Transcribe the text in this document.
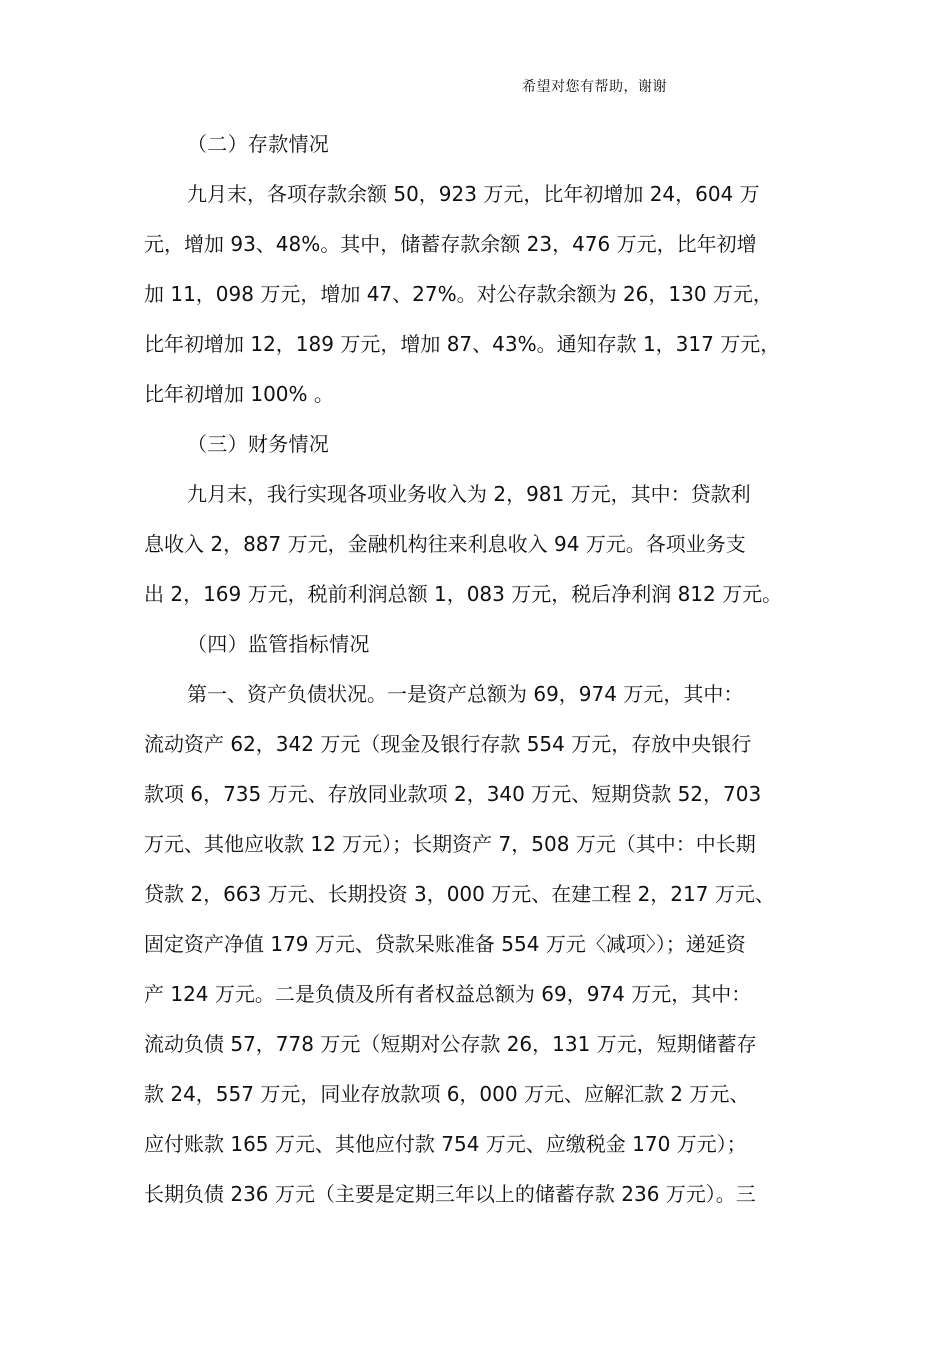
希望对您有帮助，谢谢
（二）存款情况
九月末，各项存款余额 50，923 万元，比年初增加 24，604 万
元，增加 93、48%。其中，储蓄存款余额 23，476 万元，比年初增
加 11，098 万元，增加 47、27%。对公存款余额为 26，130 万元，
比年初增加 12，189 万元，增加 87、43%。通知存款 1，317 万元，
比年初增加 100% 。
（三）财务情况
九月末，我行实现各项业务收入为 2，981 万元，其中：贷款利
息收入 2，887 万元，金融机构往来利息收入 94 万元。各项业务支
出 2，169 万元，税前利润总额 1，083 万元，税后净利润 812 万元。
（四）监管指标情况
第一、资产负债状况。一是资产总额为 69，974 万元，其中：
流动资产 62，342 万元（现金及银行存款 554 万元，存放中央银行
款项 6，735 万元、存放同业款项 2，340 万元、短期贷款 52，703
万元、其他应收款 12 万元）；长期资产 7，508 万元（其中：中长期
贷款 2，663 万元、长期投资 3，000 万元、在建工程 2，217 万元、
固定资产净值 179 万元、贷款呆账准备 554 万元〈减项〉）；递延资
产 124 万元。二是负债及所有者权益总额为 69，974 万元，其中：
流动负债 57，778 万元（短期对公存款 26，131 万元，短期储蓄存
款 24，557 万元，同业存放款项 6，000 万元、应解汇款 2 万元、
应付账款 165 万元、其他应付款 754 万元、应缴税金 170 万元）；
长期负债 236 万元（主要是定期三年以上的储蓄存款 236 万元）。三
